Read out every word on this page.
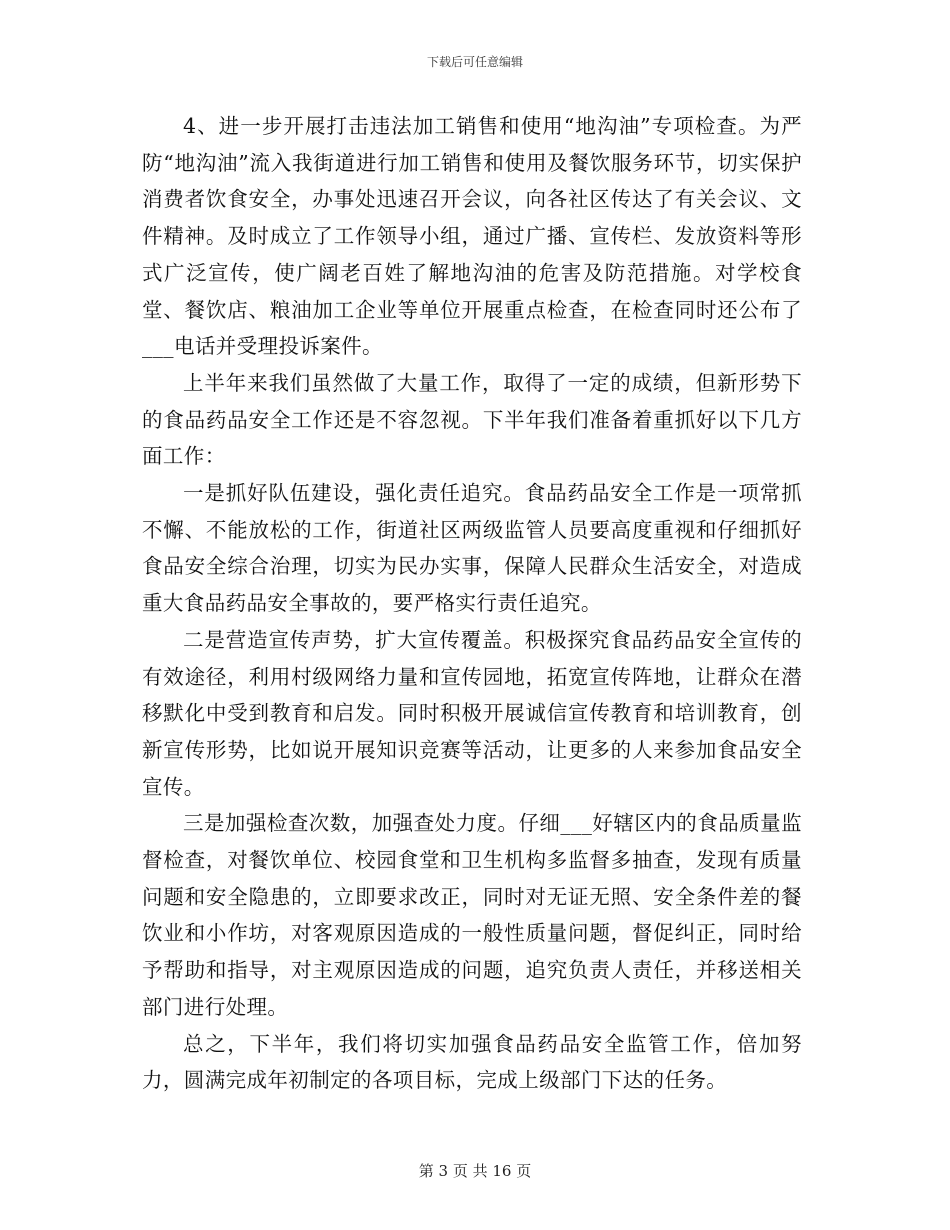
下载后可任意编辑

4、进一步开展打击违法加工销售和使用“地沟油”专项检查。为严防“地沟油”流入我街道进行加工销售和使用及餐饮服务环节，切实保护消费者饮食安全，办事处迅速召开会议，向各社区传达了有关会议、文件精神。及时成立了工作领导小组，通过广播、宣传栏、发放资料等形式广泛宣传，使广阔老百姓了解地沟油的危害及防范措施。对学校食堂、餐饮店、粮油加工企业等单位开展重点检查，在检查同时还公布了___电话并受理投诉案件。

上半年来我们虽然做了大量工作，取得了一定的成绩，但新形势下的食品药品安全工作还是不容忽视。下半年我们准备着重抓好以下几方面工作：

一是抓好队伍建设，强化责任追究。食品药品安全工作是一项常抓不懈、不能放松的工作，街道社区两级监管人员要高度重视和仔细抓好食品安全综合治理，切实为民办实事，保障人民群众生活安全，对造成重大食品药品安全事故的，要严格实行责任追究。

二是营造宣传声势，扩大宣传覆盖。积极探究食品药品安全宣传的有效途径，利用村级网络力量和宣传园地，拓宽宣传阵地，让群众在潜移默化中受到教育和启发。同时积极开展诚信宣传教育和培训教育，创新宣传形势，比如说开展知识竞赛等活动，让更多的人来参加食品安全宣传。

三是加强检查次数，加强查处力度。仔细___好辖区内的食品质量监督检查，对餐饮单位、校园食堂和卫生机构多监督多抽查，发现有质量问题和安全隐患的，立即要求改正，同时对无证无照、安全条件差的餐饮业和小作坊，对客观原因造成的一般性质量问题，督促纠正，同时给予帮助和指导，对主观原因造成的问题，追究负责人责任，并移送相关部门进行处理。

总之，下半年，我们将切实加强食品药品安全监管工作，倍加努力，圆满完成年初制定的各项目标，完成上级部门下达的任务。

第 3 页 共 16 页
